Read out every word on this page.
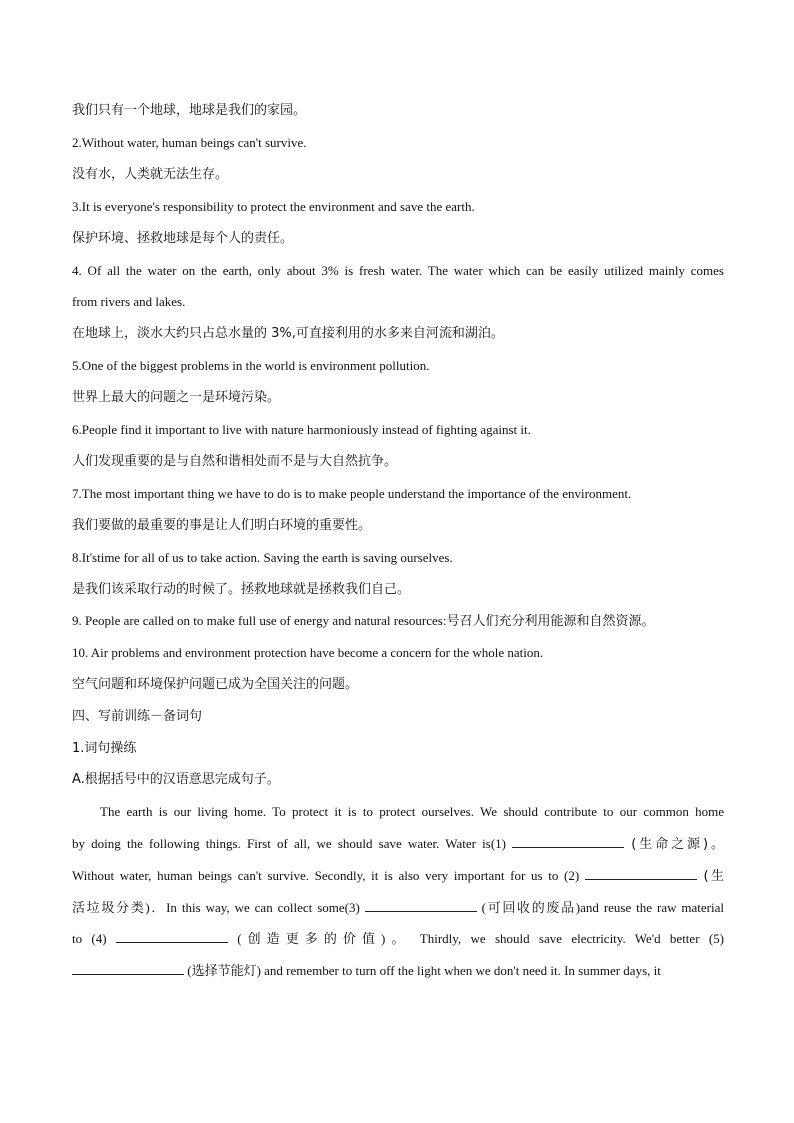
我们只有一个地球，地球是我们的家园。
2.Without water, human beings can't survive.
没有水，人类就无法生存。
3.It is everyone's responsibility to protect the environment and save the earth.
保护环境、拯救地球是每个人的责任。
4. Of all the water on the earth, only about 3% is fresh water. The water which can be easily utilized mainly comes
from rivers and lakes.
在地球上，淡水大约只占总水量的 3%,可直接利用的水多来自河流和湖泊。
5.One of the biggest problems in the world is environment pollution.
世界上最大的问题之一是环境污染。
6.People find it important to live with nature harmoniously instead of fighting against it.
人们发现重要的是与自然和谐相处而不是与大自然抗争。
7.The most important thing we have to do is to make people understand the importance of the environment.
我们要做的最重要的事是让人们明白环境的重要性。
8.It'stime for all of us to take action. Saving the earth is saving ourselves.
是我们该采取行动的时候了。拯救地球就是拯救我们自己。
9. People are called on to make full use of energy and natural resources:号召人们充分利用能源和自然资源。
10. Air problems and environment protection have become a concern for the whole nation.
空气问题和环境保护问题已成为全国关注的问题。
四、写前训练－备词句
1.词句操练
A.根据括号中的汉语意思完成句子。
The earth is our living home. To protect it is to protect ourselves. We should contribute to our common home
by doing the following things. First of all, we should save water. Water is(1)	(生命之源)。
Without water, human beings can't survive. Secondly, it is also very important for us to (2)	(生
活垃圾分类)．In this way, we can collect some(3)	(可回收的废品)and reuse the raw material
to (4)	(创造更多的价值)。 Thirdly, we should save electricity. We'd better (5)
(选择节能灯) and remember to turn off the light when we don't need it. In summer days, it
